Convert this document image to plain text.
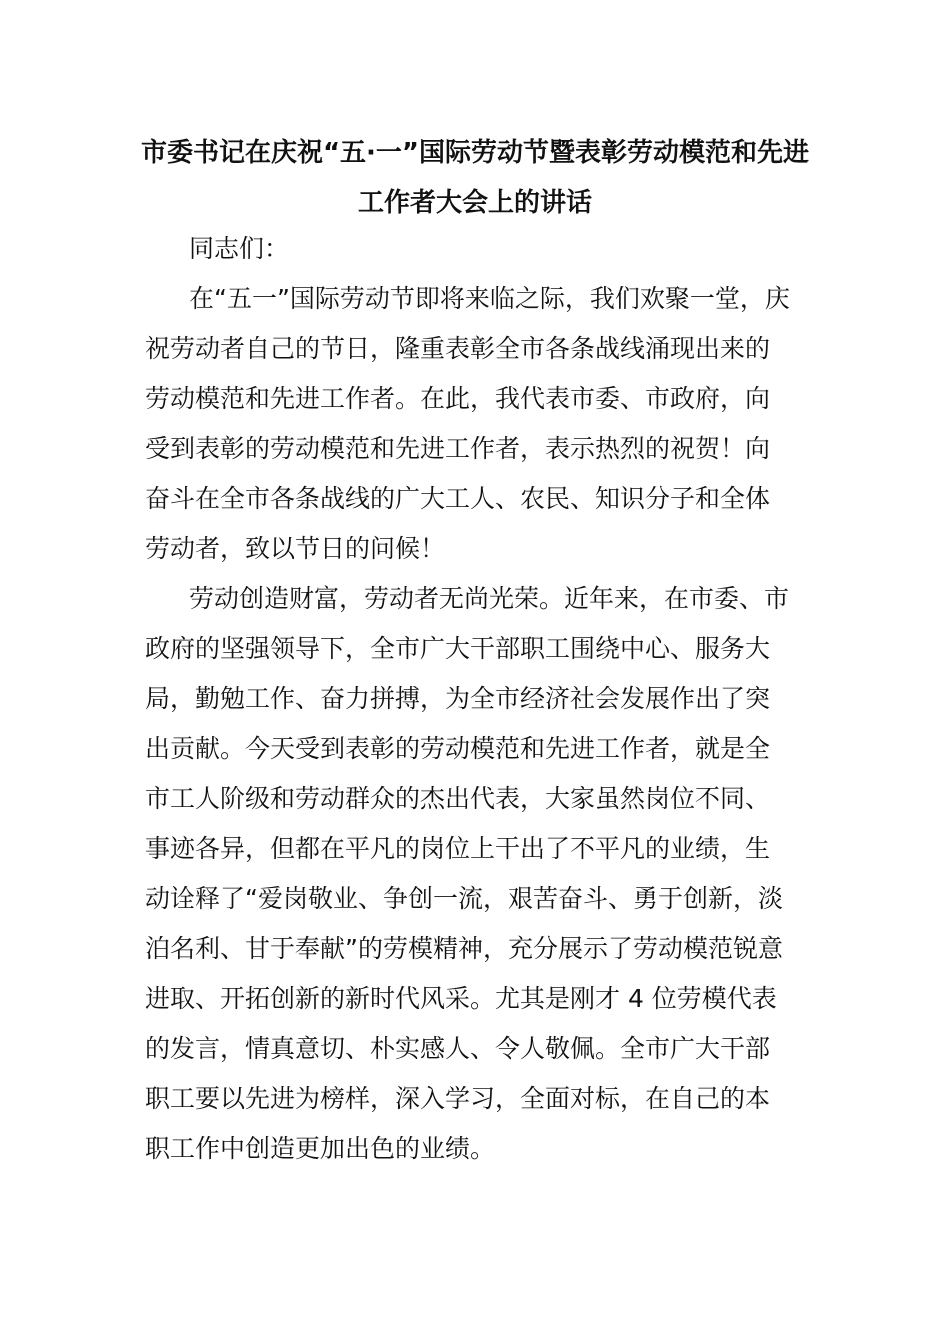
市委书记在庆祝“五·一”国际劳动节暨表彰劳动模范和先进
工作者大会上的讲话
同志们：
在“五一”国际劳动节即将来临之际，我们欢聚一堂，庆
祝劳动者自己的节日，隆重表彰全市各条战线涌现出来的
劳动模范和先进工作者。在此，我代表市委、市政府，向
受到表彰的劳动模范和先进工作者，表示热烈的祝贺！向
奋斗在全市各条战线的广大工人、农民、知识分子和全体
劳动者，致以节日的问候！
劳动创造财富，劳动者无尚光荣。近年来，在市委、市
政府的坚强领导下，全市广大干部职工围绕中心、服务大
局，勤勉工作、奋力拼搏，为全市经济社会发展作出了突
出贡献。今天受到表彰的劳动模范和先进工作者，就是全
市工人阶级和劳动群众的杰出代表，大家虽然岗位不同、
事迹各异，但都在平凡的岗位上干出了不平凡的业绩，生
动诠释了“爱岗敬业、争创一流，艰苦奋斗、勇于创新，淡
泊名利、甘于奉献”的劳模精神，充分展示了劳动模范锐意
进取、开拓创新的新时代风采。尤其是刚才 4 位劳模代表
的发言，情真意切、朴实感人、令人敬佩。全市广大干部
职工要以先进为榜样，深入学习，全面对标，在自己的本
职工作中创造更加出色的业绩。
